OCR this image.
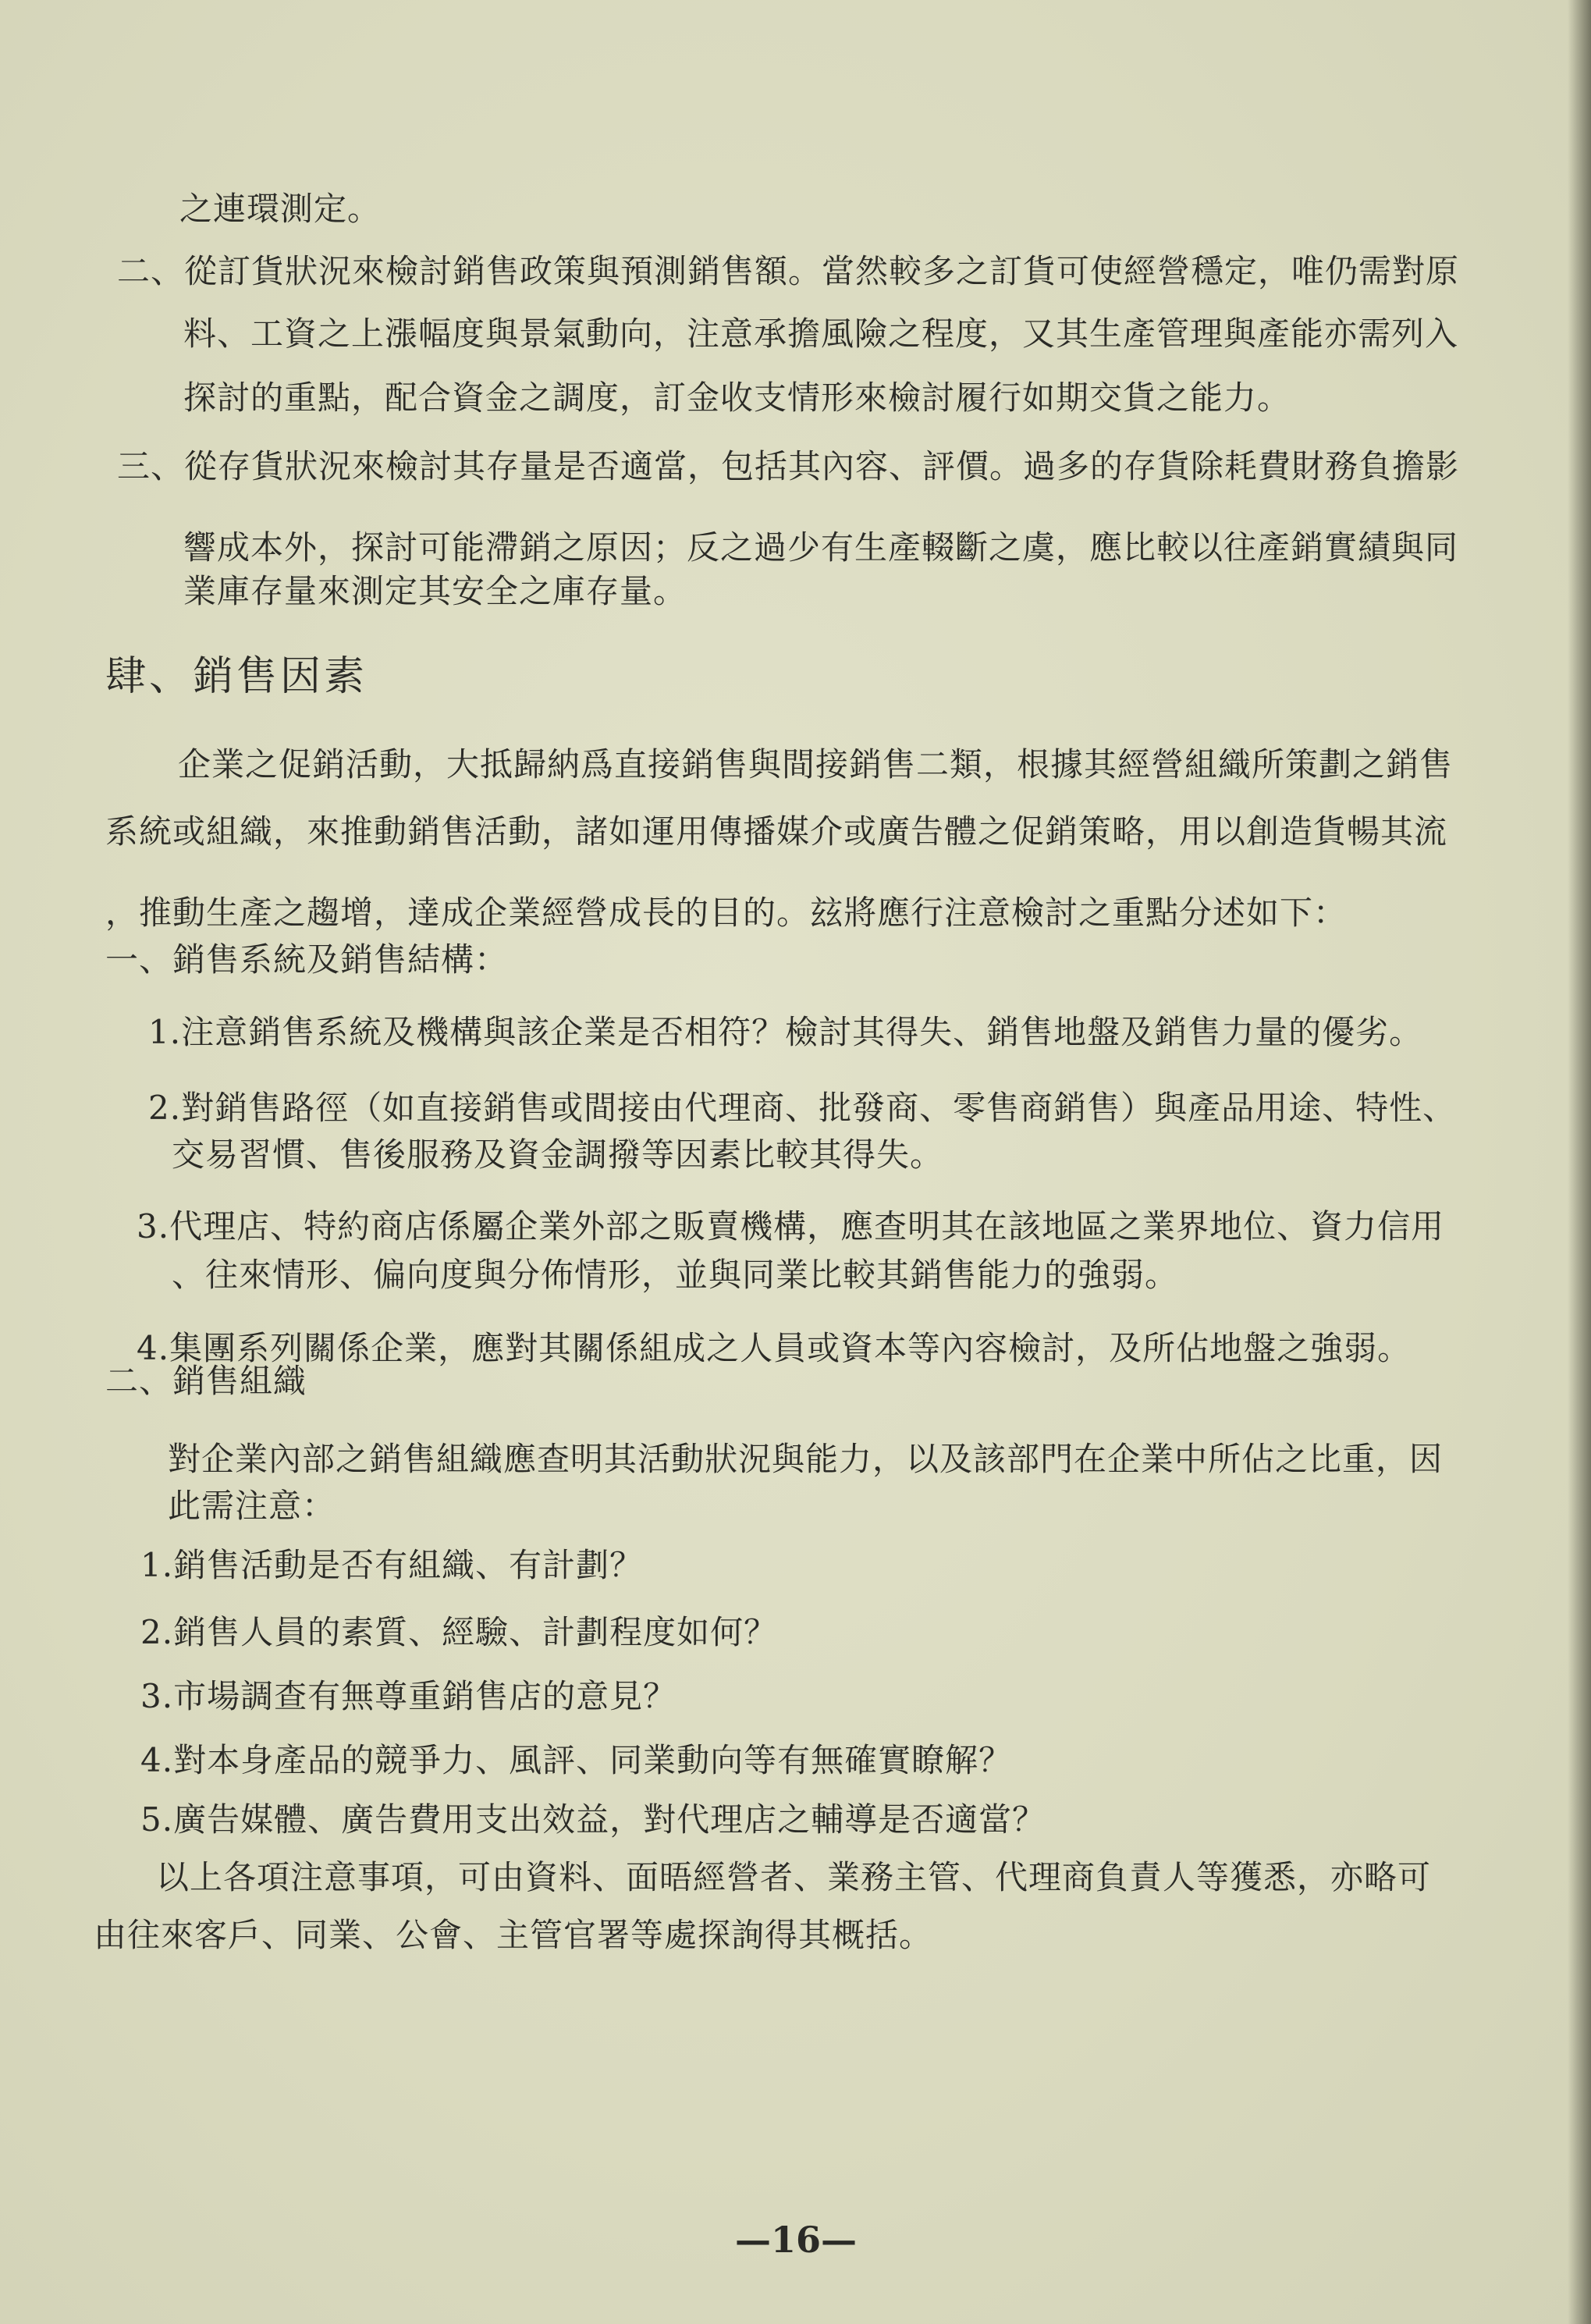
之連環測定。
二、從訂貨狀況來檢討銷售政策與預測銷售額。當然較多之訂貨可使經營穩定，唯仍需對原
料、工資之上漲幅度與景氣動向，注意承擔風險之程度，又其生產管理與產能亦需列入
探討的重點，配合資金之調度，訂金收支情形來檢討履行如期交貨之能力。
三、從存貨狀況來檢討其存量是否適當，包括其內容、評價。過多的存貨除耗費財務負擔影
響成本外，探討可能滯銷之原因；反之過少有生產輟斷之虞，應比較以往產銷實績與同
業庫存量來測定其安全之庫存量。
肆、銷售因素
企業之促銷活動，大抵歸納爲直接銷售與間接銷售二類，根據其經營組織所策劃之銷售
系統或組織，來推動銷售活動，諸如運用傳播媒介或廣告體之促銷策略，用以創造貨暢其流
，推動生產之趨增，達成企業經營成長的目的。玆將應行注意檢討之重點分述如下：
一、銷售系統及銷售結構：
1.注意銷售系統及機構與該企業是否相符？檢討其得失、銷售地盤及銷售力量的優劣。
2.對銷售路徑（如直接銷售或間接由代理商、批發商、零售商銷售）與產品用途、特性、
交易習慣、售後服務及資金調撥等因素比較其得失。
3.代理店、特約商店係屬企業外部之販賣機構，應查明其在該地區之業界地位、資力信用
、往來情形、偏向度與分佈情形，並與同業比較其銷售能力的強弱。
4.集團系列關係企業，應對其關係組成之人員或資本等內容檢討，及所佔地盤之強弱。
二、銷售組織
對企業內部之銷售組織應查明其活動狀況與能力，以及該部門在企業中所佔之比重，因
此需注意：
1.銷售活動是否有組織、有計劃？
2.銷售人員的素質、經驗、計劃程度如何？
3.市場調查有無尊重銷售店的意見？
4.對本身產品的競爭力、風評、同業動向等有無確實瞭解？
5.廣告媒體、廣告費用支出效益，對代理店之輔導是否適當？
以上各項注意事項，可由資料、面晤經營者、業務主管、代理商負責人等獲悉，亦略可
由往來客戶、同業、公會、主管官署等處探詢得其概括。
—16—
